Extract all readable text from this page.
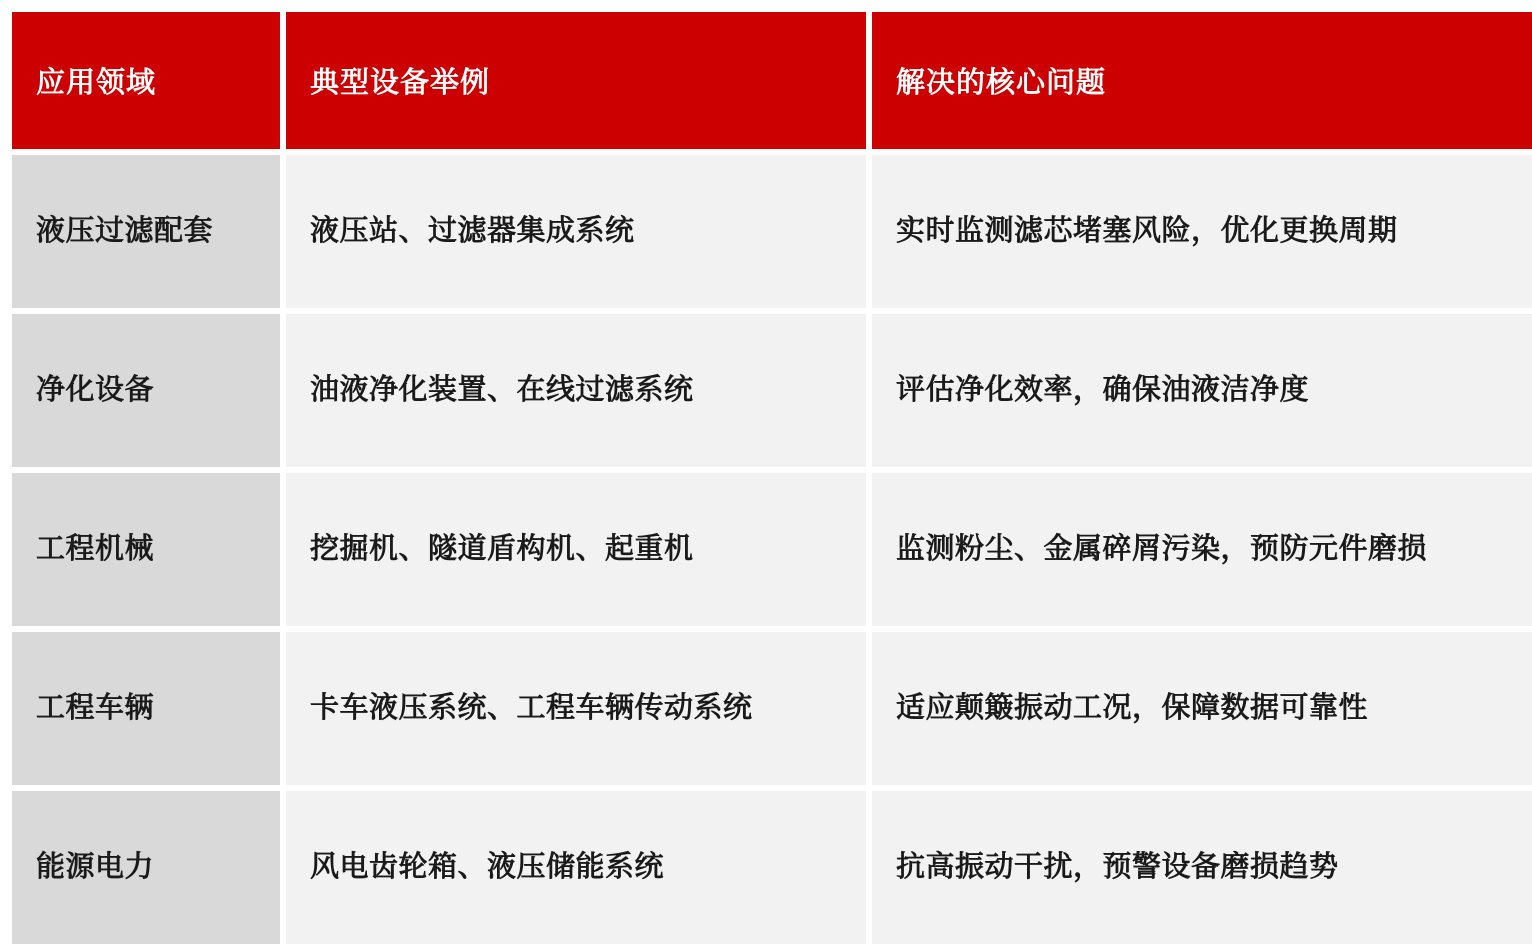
应用领域	典型设备举例	解决的核心问题
液压过滤配套	液压站、过滤器集成系统	实时监测滤芯堵塞风险，优化更换周期
净化设备	油液净化装置、在线过滤系统	评估净化效率，确保油液洁净度
工程机械	挖掘机、隧道盾构机、起重机	监测粉尘、金属碎屑污染，预防元件磨损
工程车辆	卡车液压系统、工程车辆传动系统	适应颠簸振动工况，保障数据可靠性
能源电力	风电齿轮箱、液压储能系统	抗高振动干扰，预警设备磨损趋势
